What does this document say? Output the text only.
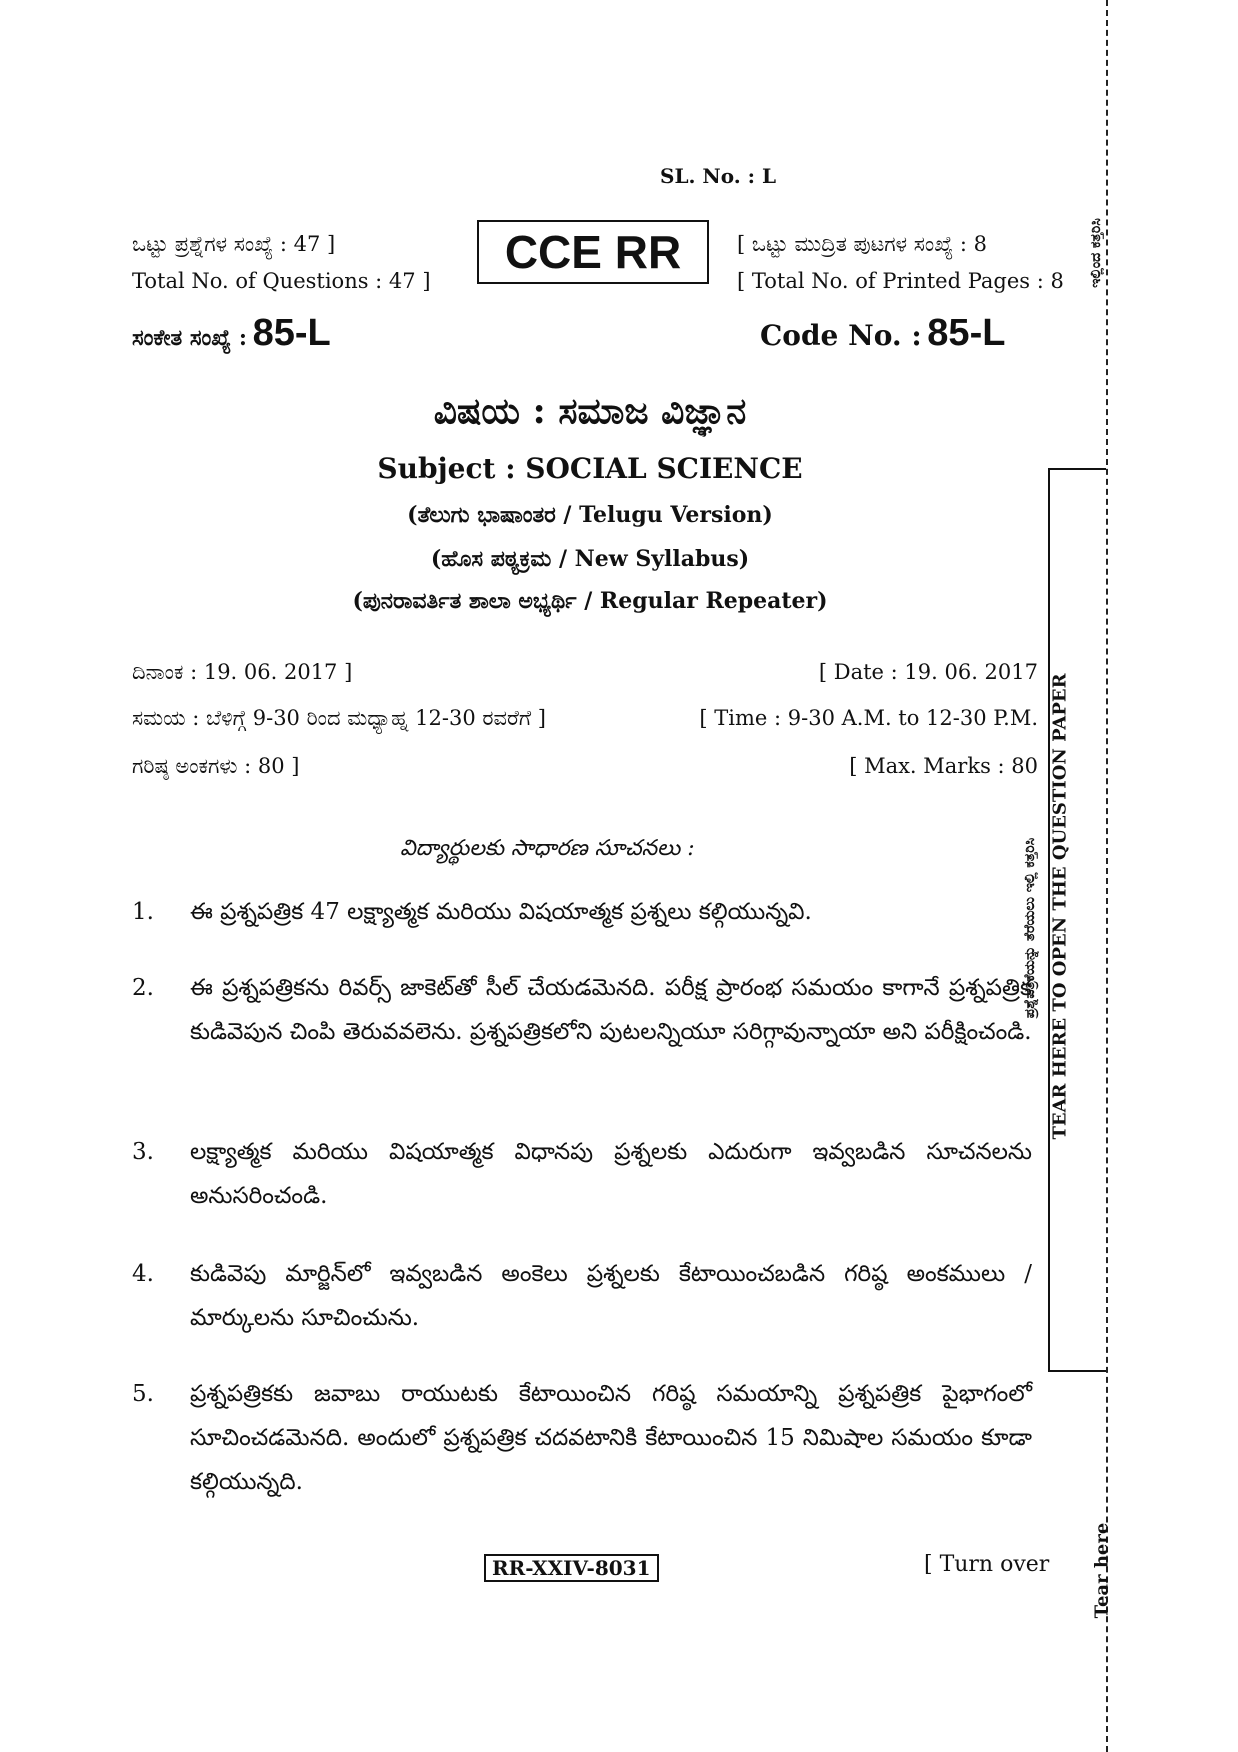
SL. No. : L
ಒಟ್ಟು ಪ್ರಶ್ನೆಗಳ ಸಂಖ್ಯೆ : 47 ]
Total No. of Questions : 47 ]
CCE RR	[ ಒಟ್ಟು ಮುದ್ರಿತ ಪುಟಗಳ ಸಂಖ್ಯೆ : 8
[ Total No. of Printed Pages : 8
ಸಂಕೇತ ಸಂಖ್ಯೆ : 85-L	Code No. : 85-L
ವಿಷಯ : ಸಮಾಜ ವಿಜ್ಞಾನ
Subject : SOCIAL SCIENCE
(ತೆಲುಗು ಭಾಷಾಂತರ / Telugu Version)
(ಹೊಸ ಪಠ್ಯಕ್ರಮ / New Syllabus)
(ಪುನರಾವರ್ತಿತ ಶಾಲಾ ಅಭ್ಯರ್ಥಿ / Regular Repeater)
ದಿನಾಂಕ : 19. 06. 2017 ]	[ Date : 19. 06. 2017
ಸಮಯ : ಬೆಳಿಗ್ಗೆ 9-30 ರಿಂದ ಮಧ್ಯಾಹ್ನ 12-30 ರವರೆಗೆ ]	[ Time : 9-30 A.M. to 12-30 P.M.
ಗರಿಷ್ಠ ಅಂಕಗಳು : 80 ]	[ Max. Marks : 80
విద్యార్థులకు సాధారణ సూచనలు :
1.	ఈ ప్రశ్నపత్రిక 47 లక్ష్యాత్మక మరియు విషయాత్మక ప్రశ్నలు కల్గియున్నవి.
2.	ఈ ప్రశ్నపత్రికను రివర్స్ జాకెట్‌తో సీల్ చేయడమెనది. పరీక్ష ప్రారంభ సమయం కాగానే ప్రశ్నపత్రిక కుడివెపున చింపి తెరువవలెను. ప్రశ్నపత్రికలోని పుటలన్నియూ సరిగ్గావున్నాయా అని పరీక్షించండి.
3.	లక్ష్యాత్మక మరియు విషయాత్మక విధానపు ప్రశ్నలకు ఎదురుగా ఇవ్వబడిన సూచనలను అనుసరించండి.
4.	కుడివెపు మార్జిన్‌లో ఇవ్వబడిన అంకెలు ప్రశ్నలకు కేటాయించబడిన గరిష్ఠ అంకములు / మార్కులను సూచించును.
5.	ప్రశ్నపత్రికకు జవాబు రాయుటకు కేటాయించిన గరిష్ఠ సమయాన్ని ప్రశ్నపత్రిక పైభాగంలో సూచించడమెనది. అందులో ప్రశ్నపత్రిక చదవటానికి కేటాయించిన 15 నిమిషాల సమయం కూడా కల్గియున్నది.
RR-XXIV-8031	[ Turn over
TEAR HERE TO OPEN THE QUESTION PAPER
ಪ್ರಶ್ನೆಪತ್ರಿಕೆಯನ್ನು ತೆರೆಯಲು ಇಲ್ಲಿ ಕತ್ತರಿಸಿ
ಇಲ್ಲಿಂದ ಕತ್ತರಿಸಿ
Tear here
